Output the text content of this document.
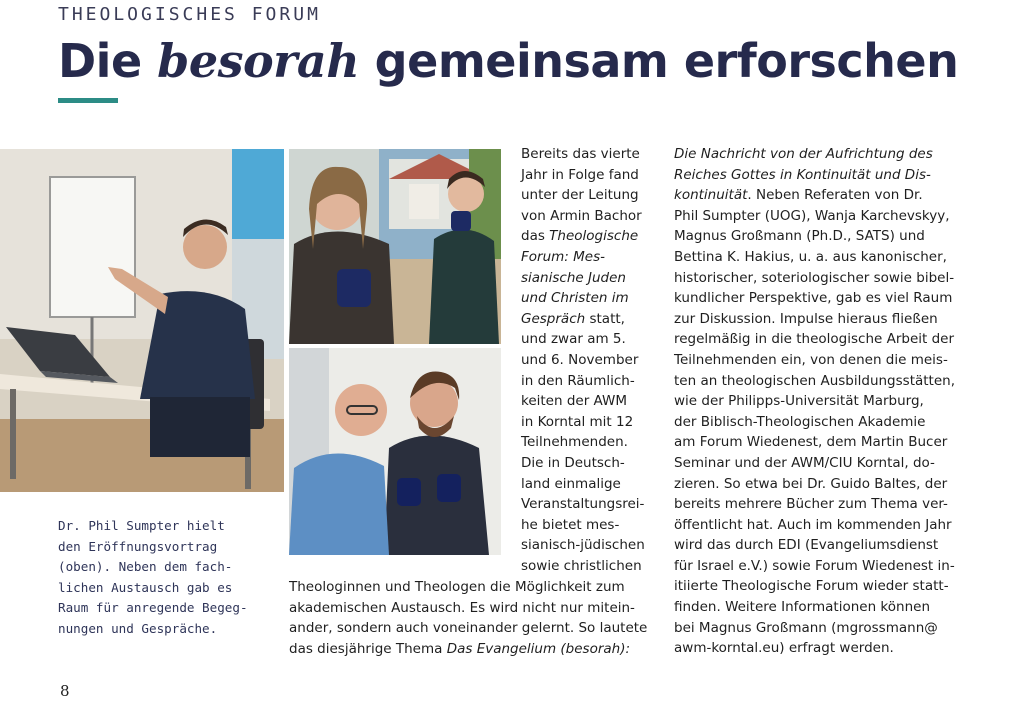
THEOLOGISCHES FORUM
Die besorah gemeinsam erforschen
Dr. Phil Sumpter hielt
den Eröffnungsvortrag
(oben). Neben dem fach-
lichen Austausch gab es
Raum für anregende Begeg-
nungen und Gespräche.
Bereits das vierte
Jahr in Folge fand
unter der Leitung
von Armin Bachor
das Theologische
Forum: Mes-
sianische Juden
und Christen im
Gespräch statt,
und zwar am 5.
und 6. November
in den Räumlich-
keiten der AWM
in Korntal mit 12
Teilnehmenden.
Die in Deutsch-
land einmalige
Veranstaltungsrei-
he bietet mes-
sianisch-jüdischen
sowie christlichen
Theologinnen und Theologen die Möglichkeit zum
akademischen Austausch. Es wird nicht nur mitein-
ander, sondern auch voneinander gelernt. So lautete
das diesjährige Thema Das Evangelium (besorah):
Die Nachricht von der Aufrichtung des
Reiches Gottes in Kontinuität und Dis-
kontinuität. Neben Referaten von Dr.
Phil Sumpter (UOG), Wanja Karchevskyy,
Magnus Großmann (Ph.D., SATS) und
Bettina K. Hakius, u. a. aus kanonischer,
historischer, soteriologischer sowie bibel-
kundlicher Perspektive, gab es viel Raum
zur Diskussion. Impulse hieraus fließen
regelmäßig in die theologische Arbeit der
Teilnehmenden ein, von denen die meis-
ten an theologischen Ausbildungsstätten,
wie der Philipps-Universität Marburg,
der Biblisch-Theologischen Akademie
am Forum Wiedenest, dem Martin Bucer
Seminar und der AWM/CIU Korntal, do-
zieren. So etwa bei Dr. Guido Baltes, der
bereits mehrere Bücher zum Thema ver-
öffentlicht hat. Auch im kommenden Jahr
wird das durch EDI (Evangeliumsdienst
für Israel e.V.) sowie Forum Wiedenest in-
itiierte Theologische Forum wieder statt-
finden. Weitere Informationen können
bei Magnus Großmann (mgrossmann@
awm-korntal.eu) erfragt werden.
8
